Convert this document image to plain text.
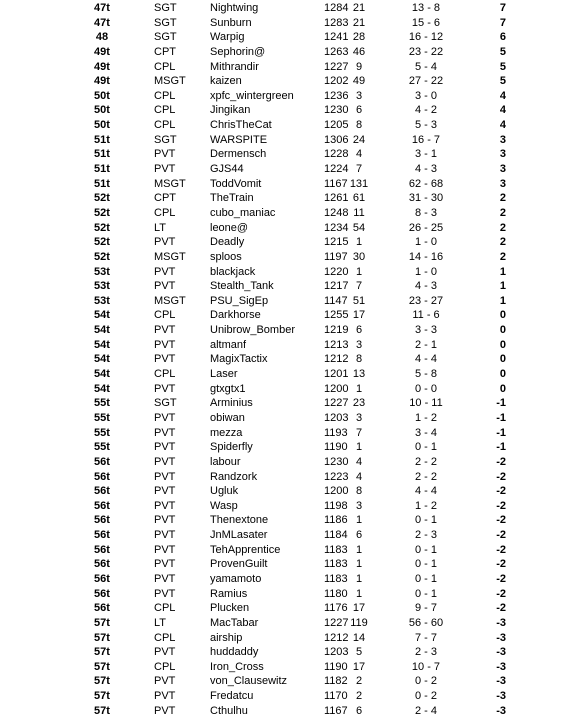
47t	SGT	Nightwing	1284 21	13 - 8	7
47t	SGT	Sunburn	1283 21	15 - 6	7
48	SGT	Warpig	1241 28	16 - 12	6
49t	CPT	Sephorin@	1263 46	23 - 22	5
49t	CPL	Mithrandir	1227 9	5 - 4	5
49t	MSGT kaizen	1202 49	27 - 22	5
50t	CPL	xpfc_wintergreen	1236 3	3 - 0	4
50t	CPL	Jingikan	1230 6	4 - 2	4
50t	CPL	ChrisTheCat	1205 8	5 - 3	4
51t	SGT	WARSPITE	1306 24	16 - 7	3
51t	PVT	Dermensch	1228 4	3 - 1	3
51t	PVT	GJS44	1224 7	4 - 3	3
51t	MSGT ToddVomit	1167 131	62 - 68	3
52t	CPT	TheTrain	1261 61	31 - 30	2
52t	CPL	cubo_maniac	1248 11	8 - 3	2
52t	LT	leone@	1234 54	26 - 25	2
52t	PVT	Deadly	1215 1	1 - 0	2
52t	MSGT sploos	1197 30	14 - 16	2
53t	PVT	blackjack	1220 1	1 - 0	1
53t	PVT	Stealth_Tank	1217 7	4 - 3	1
53t	MSGT PSU_SigEp	1147 51	23 - 27	1
54t	CPL	Darkhorse	1255 17	11 - 6	0
54t	PVT	Unibrow_Bomber	1219 6	3 - 3	0
54t	PVT	altmanf	1213 3	2 - 1	0
54t	PVT	MagixTactix	1212 8	4 - 4	0
54t	CPL	Laser	1201 13	5 - 8	0
54t	PVT	gtxgtx1	1200 1	0 - 0	0
55t	SGT	Arminius	1227 23	10 - 11	-1
55t	PVT	obiwan	1203 3	1 - 2	-1
55t	PVT	mezza	1193 7	3 - 4	-1
55t	PVT	Spiderfly	1190 1	0 - 1	-1
56t	PVT	labour	1230 4	2 - 2	-2
56t	PVT	Randzork	1223 4	2 - 2	-2
56t	PVT	Ugluk	1200 8	4 - 4	-2
56t	PVT	Wasp	1198 3	1 - 2	-2
56t	PVT	Thenextone	1186 1	0 - 1	-2
56t	PVT	JnMLasater	1184 6	2 - 3	-2
56t	PVT	TehApprentice	1183 1	0 - 1	-2
56t	PVT	ProvenGuilt	1183 1	0 - 1	-2
56t	PVT	yamamoto	1183 1	0 - 1	-2
56t	PVT	Ramius	1180 1	0 - 1	-2
56t	CPL	Plucken	1176 17	9 - 7	-2
57t	LT	MacTabar	1227 119	56 - 60	-3
57t	CPL	airship	1212 14	7 - 7	-3
57t	PVT	huddaddy	1203 5	2 - 3	-3
57t	CPL	Iron_Cross	1190 17	10 - 7	-3
57t	PVT	von_Clausewitz	1182 2	0 - 2	-3
57t	PVT	Fredatcu	1170 2	0 - 2	-3
57t	PVT	Cthulhu	1167 6	2 - 4	-3
